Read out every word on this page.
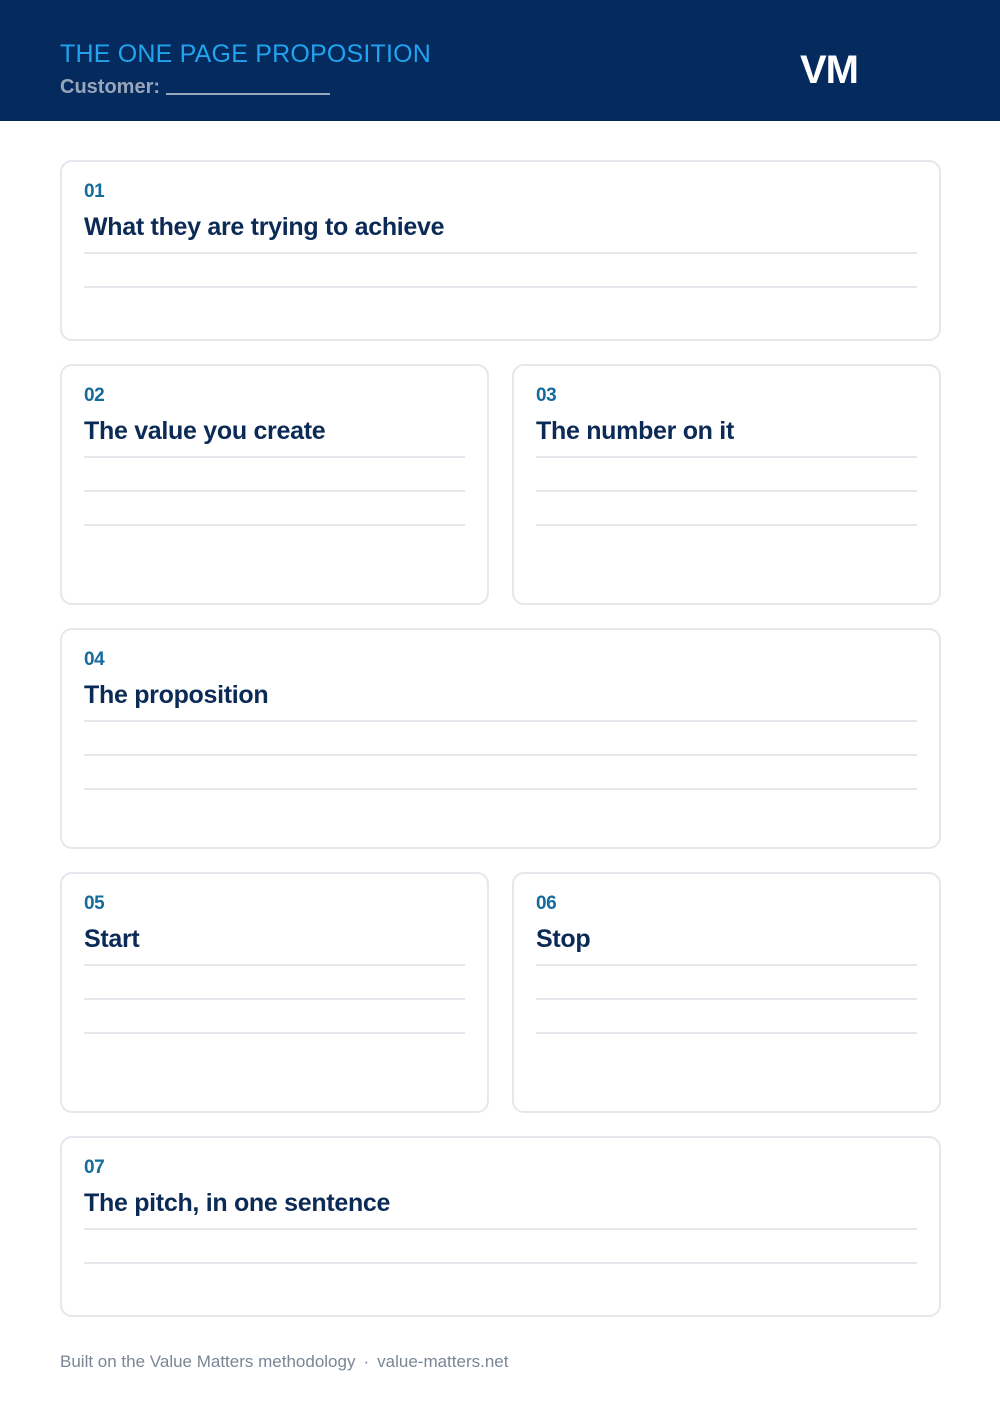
THE ONE PAGE PROPOSITION
Customer:	VM
01
What they are trying to achieve
02
The value you create
03
The number on it
04
The proposition
05
Start
06
Stop
07
The pitch, in one sentence
Built on the Value Matters methodology · value-matters.net
